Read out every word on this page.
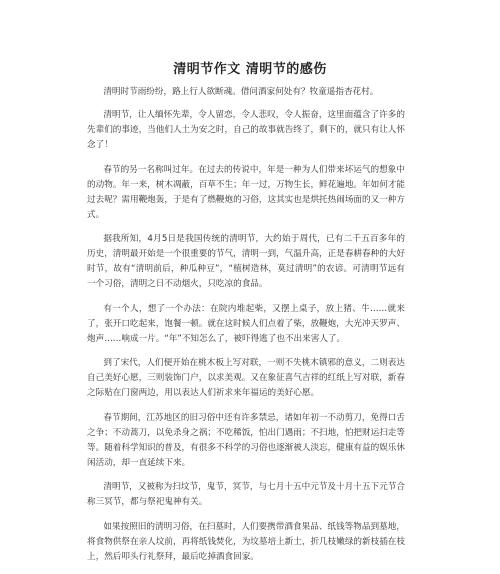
清明节作文 清明节的感伤

清明时节雨纷纷，路上行人欲断魂。借问酒家何处有？牧童遥指杏花村。

清明节，让人缅怀先辈，令人留恋，令人悲叹，令人振奋，这里面蕴含了许多的先辈们的事迹，当他们人土为安之时，自己的故事就告终了，剩下的，就只有让人怀念了！

春节的另一名称叫过年。在过去的传说中，年是一种为人们带来坏运气的想象中的动物。年一来，树木凋蔽，百草不生；年一过，万物生长，鲜花遍地。年如何才能过去呢？需用鞭炮轰，于是有了燃鞭炮的习俗，这其实也是烘托热闹场面的又一种方式。

据我所知，4月5日是我国传统的清明节，大约始于周代，已有二千五百多年的历史，清明最开始是一个很重要的节气，清明一到，气温升高，正是春耕春种的大好时节，故有“清明前后，种瓜种豆”，“植树造林，莫过清明”的农谚。可清明节远有一个习俗，清明之日不动烟火，只吃凉的食品。

有一个人，想了一个办法：在院内堆起柴，又摆上桌子，放上猪、牛……就来了，张开口吃起来，饱餐一顿。就在这时候人们点着了柴，放鞭炮，大光冲天罗声、炮声……响成一片。“年”不知怎么了，被吓得逃了也不出来害人了。

到了宋代，人们便开始在桃木板上写对联，一则不失桃木镇邪的意义，二则表达自己美好心愿，三则装饰门户，以求美观。又在象征喜气吉祥的红纸上写对联，新春之际贴在门窗两边，用以表达人们祈求来年福运的美好心愿。

春节期间，江苏地区的旧习俗中还有许多禁忌，诸如年初一不动剪刀，免得口舌之争；不动蒿刀，以免杀身之祸；不吃稀饭，怕出门遇雨；不扫地，怕把财运扫走等等。随着科学知识的普及，有很多不科学的习俗也逐渐被人淡忘，健康有益的娱乐休闲活动，却一直延续下来。

清明节，又被称为扫坟节，鬼节，冥节，与七月十五中元节及十月十五下元节合称三冥节，都与祭祀鬼神有关。

如果按照旧的清明习俗，在扫墓时，人们要携带酒食果品、纸钱等物品到墓地，将食物供祭在亲人坟前，再将纸钱焚化，为坟墓培上新土，折几枝嫩绿的新枝插在枝上，然后叩头行礼祭拜，最后吃掉酒食回家。
